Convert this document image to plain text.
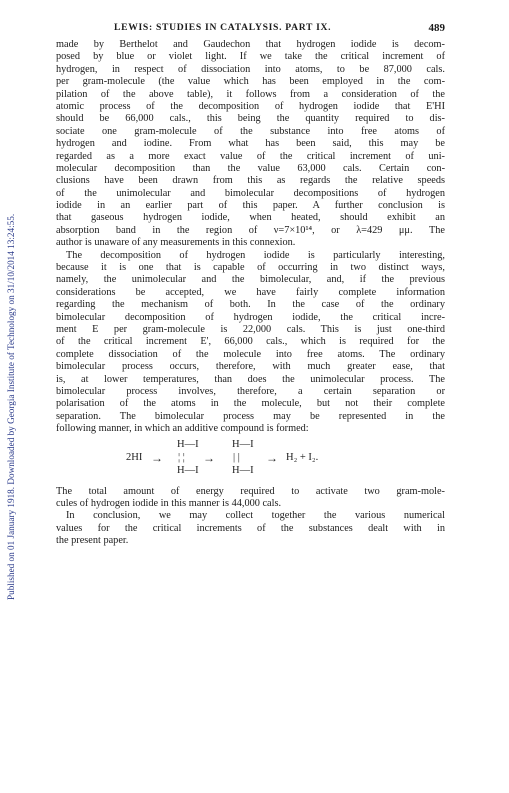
Published on 01 January 1918. Downloaded by Georgia Institute of Technology on 31/10/2014 13:24:55.
LEWIS: STUDIES IN CATALYSIS. PART IX.	489
made by Berthelot and Gaudechon that hydrogen iodide is decom-
posed by blue or violet light. If we take the critical increment of
hydrogen, in respect of dissociation into atoms, to be 87,000 cals.
per gram-molecule (the value which has been employed in the com-
pilation of the above table), it follows from a consideration of the
atomic process of the decomposition of hydrogen iodide that E'HI
should be 66,000 cals., this being the quantity required to dis-
sociate one gram-molecule of the substance into free atoms of
hydrogen and iodine. From what has been said, this may be
regarded as a more exact value of the critical increment of uni-
molecular decomposition than the value 63,000 cals. Certain con-
clusions have been drawn from this as regards the relative speeds
of the unimolecular and bimolecular decompositions of hydrogen
iodide in an earlier part of this paper. A further conclusion is
that gaseous hydrogen iodide, when heated, should exhibit an
absorption band in the region of ν=7×10¹⁴, or λ=429 μμ. The
author is unaware of any measurements in this connexion.
The decomposition of hydrogen iodide is particularly interesting,
because it is one that is capable of occurring in two distinct ways,
namely, the unimolecular and the bimolecular, and, if the previous
considerations be accepted, we have fairly complete information
regarding the mechanism of both. In the case of the ordinary
bimolecular decomposition of hydrogen iodide, the critical incre-
ment E per gram-molecule is 22,000 cals. This is just one-third
of the critical increment E', 66,000 cals., which is required for the
complete dissociation of the molecule into free atoms. The ordinary
bimolecular process occurs, therefore, with much greater ease, that
is, at lower temperatures, than does the unimolecular process. The
bimolecular process involves, therefore, a certain separation or
polarisation of the atoms in the molecule, but not their complete
separation. The bimolecular process may be represented in the
following manner, in which an additive compound is formed:
2HI →
H—I
¦ ¦
H—I
→
H—I
| |
H—I
→ H₂ + I₂.
The total amount of energy required to activate two gram-mole-
cules of hydrogen iodide in this manner is 44,000 cals.
In conclusion, we may collect together the various numerical
values for the critical increments of the substances dealt with in
the present paper.
